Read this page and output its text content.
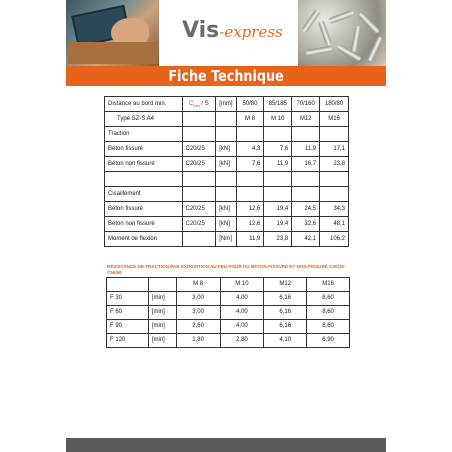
Vis-express
Fiche Technique
Distance au bord min.	$C_{min}$ / S	[mm]	50/80	85/185	70/160	180/80
Type SZ-S A4			M 8	M 10	M12	M16
Traction						
Béton fissuré	C20/25	[kN]	4,3	7,6	11,9	17,1
Béton non fissuré	C20/25	[kN]	7,6	11,9	16,7	23,8

Cisaillement						
Béton fissuré	C20/25	[kN]	12,6	19,4	24,5	34,3
Béton non fissuré	C20/25	[kN]	12,6	19,4	32,6	48,1
Moment de flexion		[Nm]	11,9	23,8	42,1	106,2
RÉSISTANCE DE TRACTION PAR EXPOSITION AU FEU POUR DU BÉTON FISSURÉ ET NON FISSURÉ C20/25-C50/60
		M 8	M 10	M12	M16
F 30	[min]	3,00	4,00	6,16	8,60
F 60	[min]	3,00	4,00	6,16	8,60
F 90	[min]	2,60	4,00	6,16	8,60
F 120	[min]	1,80	2,80	4,10	6,90
